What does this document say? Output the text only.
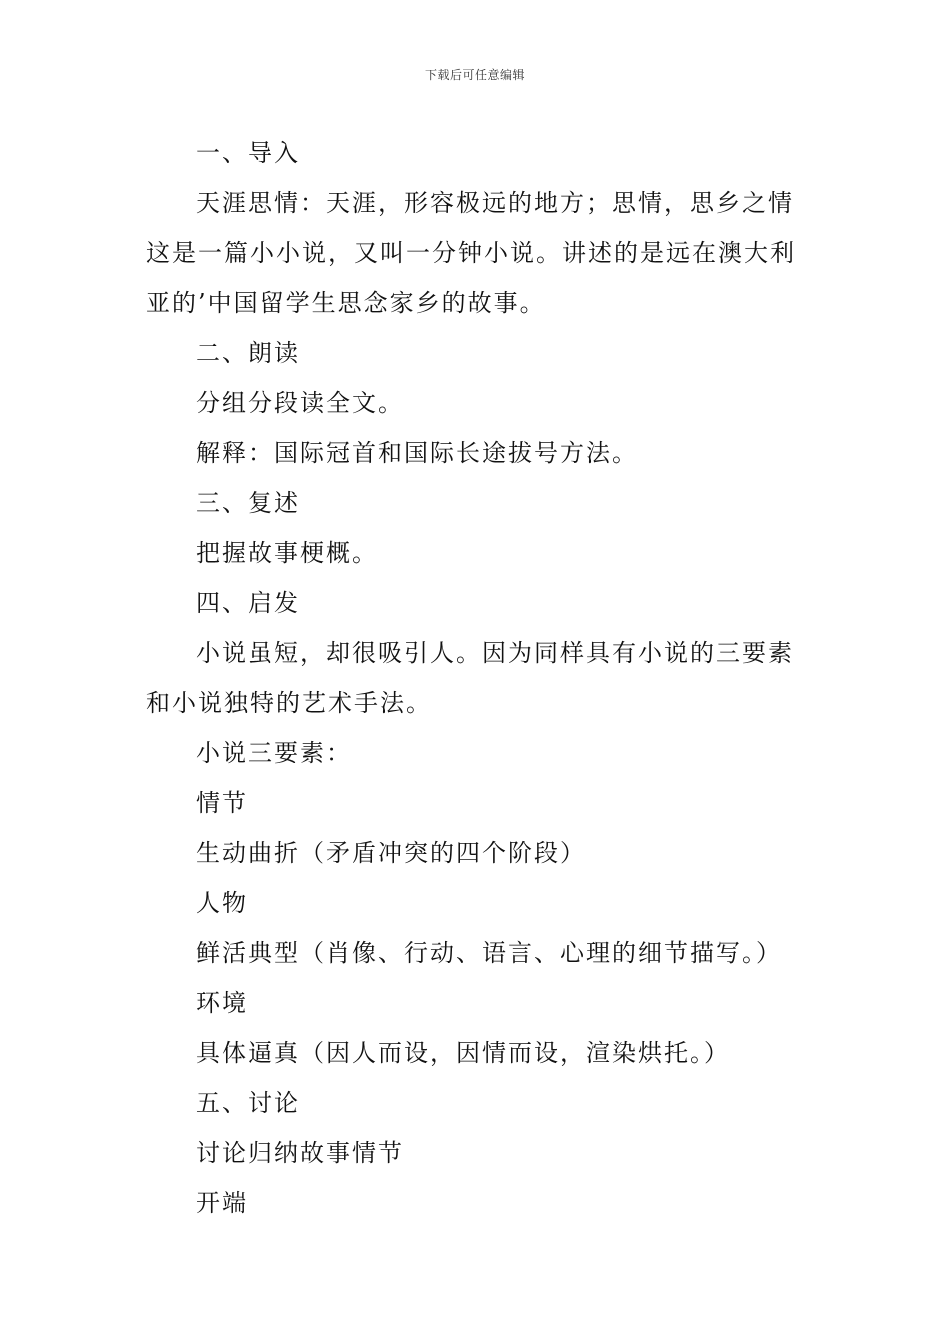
下载后可任意编辑
一、导入
天涯思情：天涯，形容极远的地方；思情，思乡之情
这是一篇小小说，又叫一分钟小说。讲述的是远在澳大利
亚的’中国留学生思念家乡的故事。
二、朗读
分组分段读全文。
解释：国际冠首和国际长途拔号方法。
三、复述
把握故事梗概。
四、启发
小说虽短，却很吸引人。因为同样具有小说的三要素
和小说独特的艺术手法。
小说三要素：
情节
生动曲折（矛盾冲突的四个阶段）
人物
鲜活典型（肖像、行动、语言、心理的细节描写。）
环境
具体逼真（因人而设，因情而设，渲染烘托。）
五、讨论
讨论归纳故事情节
开端
